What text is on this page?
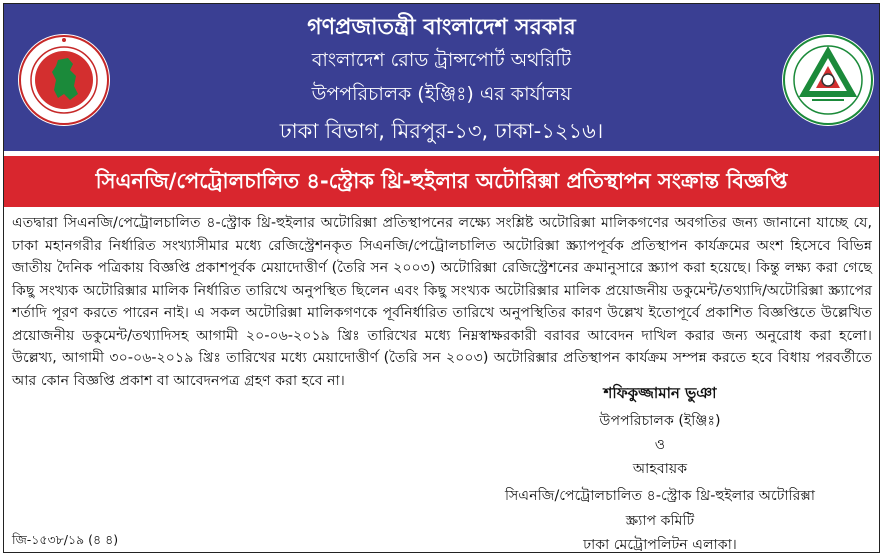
গণপ্রজাতন্ত্রী বাংলাদেশ সরকার
বাংলাদেশ রোড ট্রান্সপোর্ট অথরিটি
উপপরিচালক (ইঞ্জিঃ) এর কার্যালয়
ঢাকা বিভাগ, মিরপুর-১৩, ঢাকা-১২১৬।
সিএনজি/পেট্রোলচালিত ৪-স্ট্রোক থ্রি-হুইলার অটোরিক্সা প্রতিস্থাপন সংক্রান্ত বিজ্ঞপ্তি

এতদ্বারা সিএনজি/পেট্রোলচালিত ৪-স্ট্রোক থ্রি-হুইলার অটোরিক্সা প্রতিস্থাপনের লক্ষ্যে সংশ্লিষ্ট অটোরিক্সা মালিকগণের অবগতির জন্য জানানো যাচ্ছে যে, ঢাকা মহানগরীর নির্ধারিত সংখ্যাসীমার মধ্যে রেজিস্ট্রেশনকৃত সিএনজি/পেট্রোলচালিত অটোরিক্সা স্ক্র্যাপপূর্বক প্রতিস্থাপন কার্যক্রমের অংশ হিসেবে বিভিন্ন জাতীয় দৈনিক পত্রিকায় বিজ্ঞপ্তি প্রকাশপূর্বক মেয়াদোত্তীর্ণ (তৈরি সন ২০০৩) অটোরিক্সা রেজিস্ট্রেশনের ক্রমানুসারে স্ক্র্যাপ করা হয়েছে। কিন্তু লক্ষ্য করা গেছে কিছু সংখ্যক অটোরিক্সার মালিক নির্ধারিত তারিখে অনুপস্থিত ছিলেন এবং কিছু সংখ্যক অটোরিক্সার মালিক প্রয়োজনীয় ডকুমেন্ট/তথ্যাদি/অটোরিক্সা স্ক্র্যাপের শর্তাদি পূরণ করতে পারেন নাই। এ সকল অটোরিক্সা মালিকগণকে পূর্বনির্ধারিত তারিখে অনুপস্থিতির কারণ উল্লেখ ইতোপূর্বে প্রকাশিত বিজ্ঞপ্তিতে উল্লেখিত প্রয়োজনীয় ডকুমেন্ট/তথ্যাদিসহ আগামী ২০-০৬-২০১৯ খ্রিঃ তারিখের মধ্যে নিম্নস্বাক্ষরকারী বরাবর আবেদন দাখিল করার জন্য অনুরোধ করা হলো। উল্লেখ্য, আগামী ৩০-০৬-২০১৯ খ্রিঃ তারিখের মধ্যে মেয়াদোত্তীর্ণ (তৈরি সন ২০০৩) অটোরিক্সার প্রতিস্থাপন কার্যক্রম সম্পন্ন করতে হবে বিধায় পরবর্তীতে আর কোন বিজ্ঞপ্তি প্রকাশ বা আবেদনপত্র গ্রহণ করা হবে না।

শফিকুজ্জামান ভুঞা
উপপরিচালক (ইঞ্জিঃ)
ও
আহবায়ক
সিএনজি/পেট্রোলচালিত ৪-স্ট্রোক থ্রি-হুইলার অটোরিক্সা
স্ক্র্যাপ কমিটি
ঢাকা মেট্রোপলিটন এলাকা।
জি-১৫৩৮/১৯ (৪ ৪)
